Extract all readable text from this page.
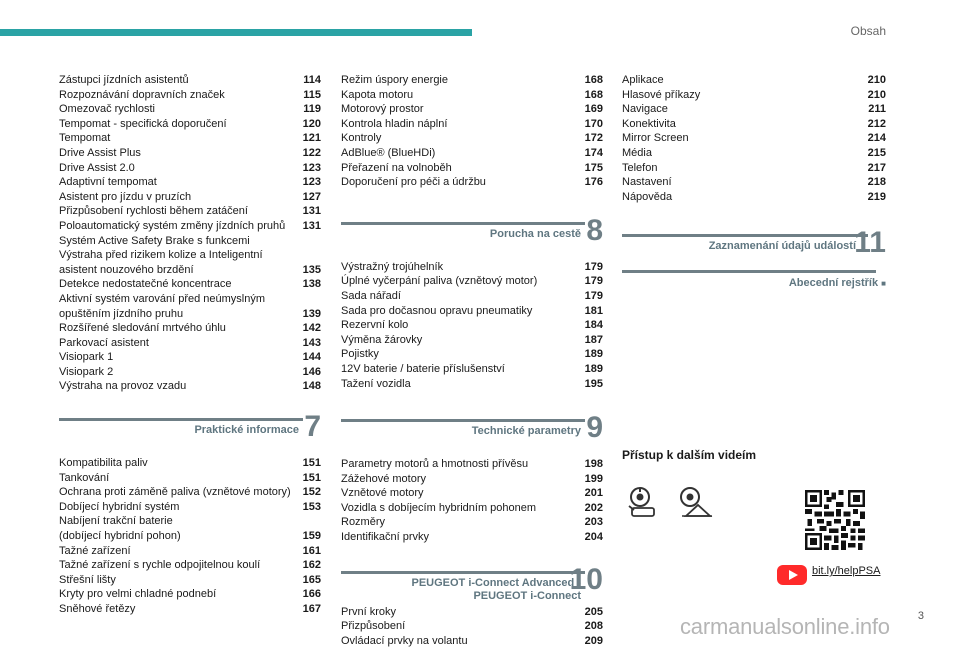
Obsah
Zástupci jízdních asistentů	114
Rozpoznávání dopravních značek	115
Omezovač rychlosti	119
Tempomat - specifická doporučení	120
Tempomat	121
Drive Assist Plus	122
Drive Assist 2.0	123
Adaptivní tempomat	123
Asistent pro jízdu v pruzích	127
Přizpůsobení rychlosti během zatáčení	131
Poloautomatický systém změny jízdních pruhů	131
Systém Active Safety Brake s funkcemi
Výstraha před rizikem kolize a Inteligentní
asistent nouzového brzdění	135
Detekce nedostatečné koncentrace	138
Aktivní systém varování před neúmyslným
opuštěním jízdního pruhu	139
Rozšířené sledování mrtvého úhlu	142
Parkovací asistent	143
Visiopark 1	144
Visiopark 2	146
Výstraha na provoz vzadu	148
Praktické informace 7
Kompatibilita paliv	151
Tankování	151
Ochrana proti záměně paliva (vznětové motory)	152
Dobíjecí hybridní systém	153
Nabíjení trakční baterie
(dobíjecí hybridní pohon)	159
Tažné zařízení	161
Tažné zařízení s rychle odpojitelnou koulí	162
Střešní lišty	165
Kryty pro velmi chladné podnebí	166
Sněhové řetězy	167
Režim úspory energie	168
Kapota motoru	168
Motorový prostor	169
Kontrola hladin náplní	170
Kontroly	172
AdBlue® (BlueHDi)	174
Přeřazení na volnoběh	175
Doporučení pro péči a údržbu	176
Porucha na cestě 8
Výstražný trojúhelník	179
Úplné vyčerpání paliva (vznětový motor)	179
Sada nářadí	179
Sada pro dočasnou opravu pneumatiky	181
Rezervní kolo	184
Výměna žárovky	187
Pojistky	189
12V baterie / baterie příslušenství	189
Tažení vozidla	195
Technické parametry 9
Parametry motorů a hmotnosti přívěsu	198
Zážehové motory	199
Vznětové motory	201
Vozidla s dobíjecím hybridním pohonem	202
Rozměry	203
Identifikační prvky	204
PEUGEOT i-Connect Advanced -
PEUGEOT i-Connect
10
První kroky	205
Přizpůsobení	208
Ovládací prvky na volantu	209
Aplikace	210
Hlasové příkazy	210
Navigace	211
Konektivita	212
Mirror Screen	214
Média	215
Telefon	217
Nastavení	218
Nápověda	219
Zaznamenání údajů událostí
11
Abecední rejstřík ■
Přístup k dalším videím
bit.ly/helpPSA
3
carmanualsonline.info
